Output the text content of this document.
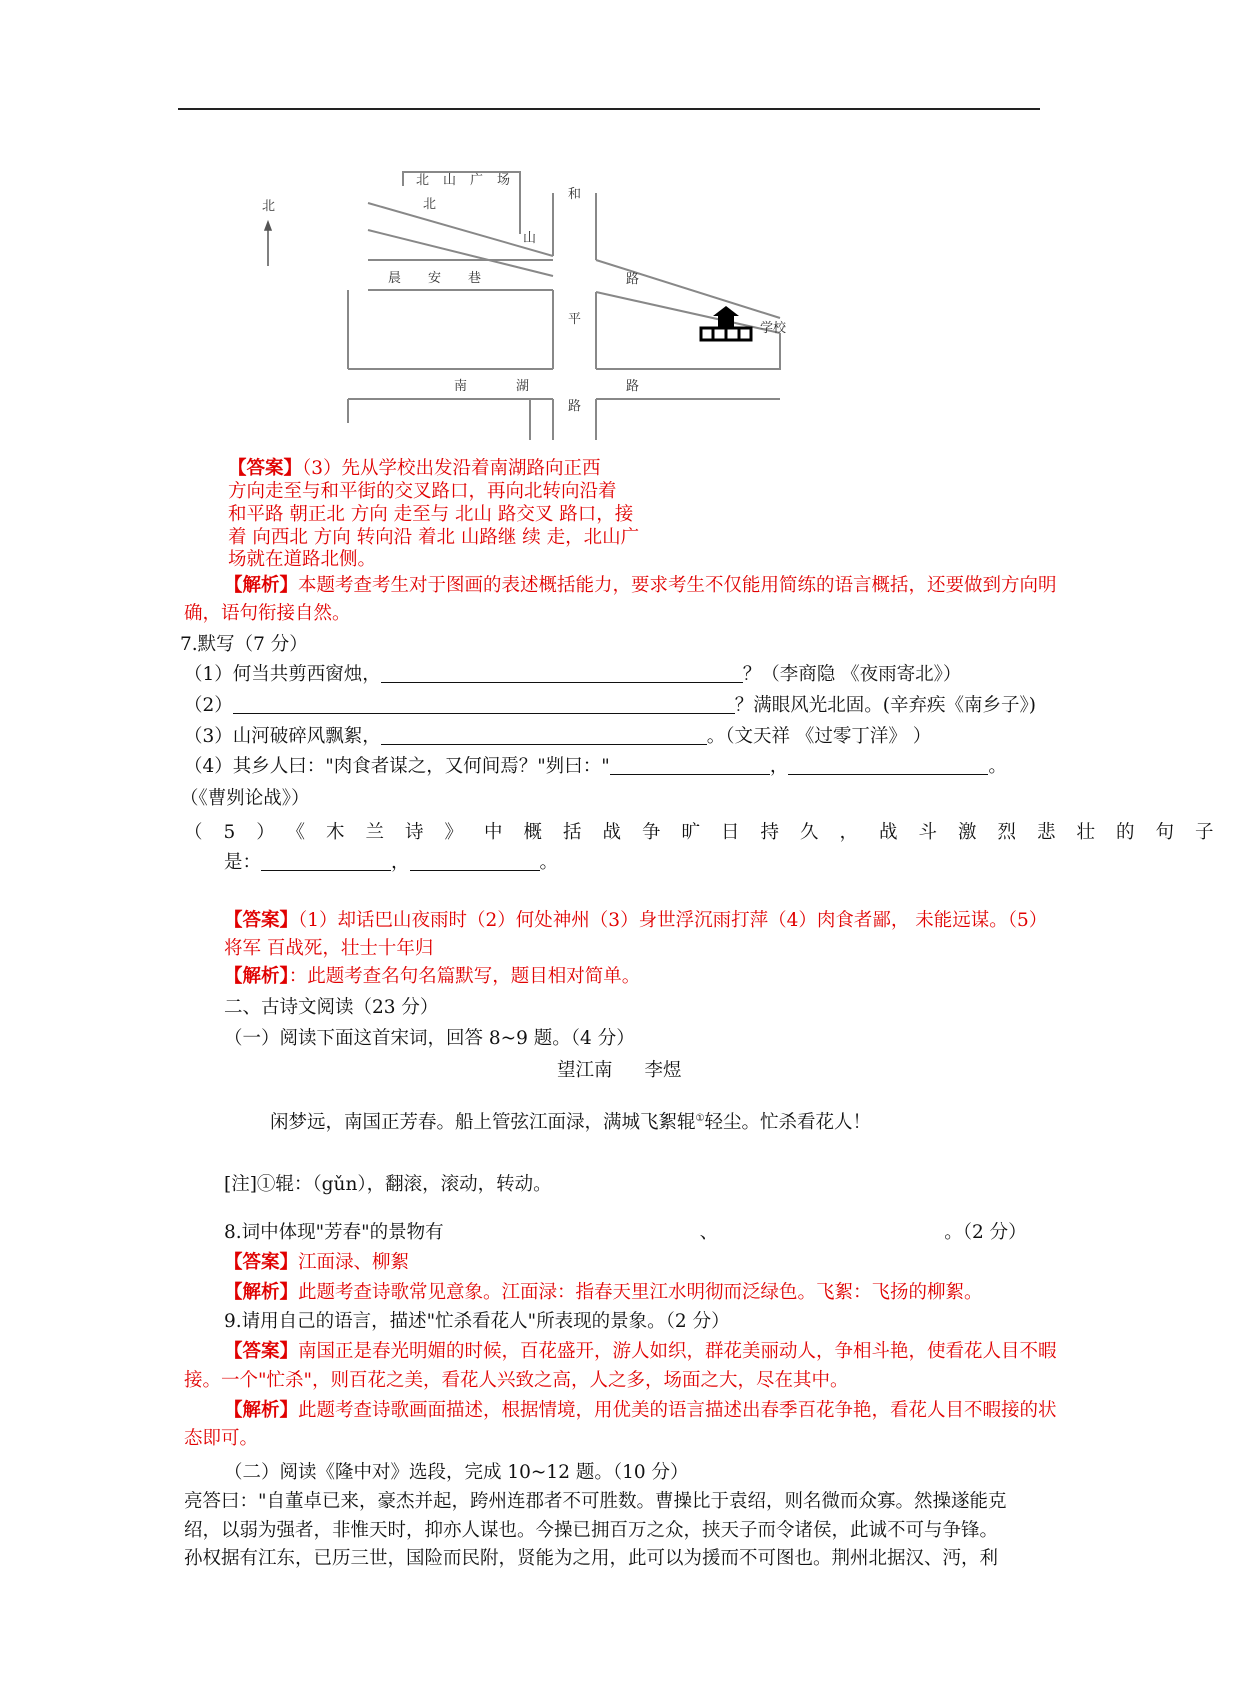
北
北山广场
北
山
晨 安 巷
和
平
路
南	湖	路
路
学校
【答案】（3）先从学校出发沿着南湖路向正西
方向走至与和平街的交叉路口，再向北转向沿着
和平路 朝正北 方向 走至与 北山 路交叉 路口，接
着 向西北 方向 转向沿 着北 山路继 续 走，北山广
场就在道路北侧。
【解析】本题考查考生对于图画的表述概括能力，要求考生不仅能用简练的语言概括，还要做到方向明
确，语句衔接自然。
7.默写（7 分）
（1）何当共剪西窗烛，	？（李商隐 《夜雨寄北》）
（2）	？满眼风光北固。(辛弃疾《南乡子》)
（3）山河破碎风飘絮，	。（文天祥 《过零丁洋》 ）
（4）其乡人曰："肉食者谋之，又何间焉？"刿曰："	，	。
（《曹刿论战》）
（5）《木兰诗》中概括战争旷日持久，战斗激烈悲壮的句子
是：	，	。
【答案】（1）却话巴山夜雨时（2）何处神州（3）身世浮沉雨打萍（4）肉食者鄙， 未能远谋。（5）
将军 百战死，壮士十年归
【解析】：此题考查名句名篇默写，题目相对简单。
二、古诗文阅读（23 分）
（一）阅读下面这首宋词，回答 8~9 题。（4 分）
望江南 李煜
闲梦远，南国正芳春。船上管弦江面渌，满城飞絮辊①轻尘。忙杀看花人！
[注]①辊：（gǔn），翻滚，滚动，转动。
8.词中体现"芳春"的景物有	、	。（2 分）
【答案】江面渌、柳絮
【解析】此题考查诗歌常见意象。江面渌：指春天里江水明彻而泛绿色。飞絮：飞扬的柳絮。
9.请用自己的语言，描述"忙杀看花人"所表现的景象。（2 分）
【答案】南国正是春光明媚的时候，百花盛开，游人如织，群花美丽动人，争相斗艳，使看花人目不暇
接。一个"忙杀"，则百花之美，看花人兴致之高，人之多，场面之大，尽在其中。
【解析】此题考查诗歌画面描述，根据情境，用优美的语言描述出春季百花争艳，看花人目不暇接的状
态即可。
（二）阅读《隆中对》选段，完成 10~12 题。（10 分）
亮答曰："自董卓已来，豪杰并起，跨州连郡者不可胜数。曹操比于袁绍，则名微而众寡。然操遂能克
绍，以弱为强者，非惟天时，抑亦人谋也。今操已拥百万之众，挟天子而令诸侯，此诚不可与争锋。
孙权据有江东，已历三世，国险而民附，贤能为之用，此可以为援而不可图也。荆州北据汉、沔，利
